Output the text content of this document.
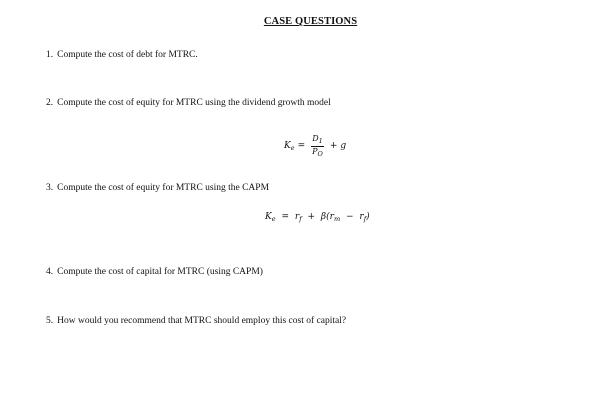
CASE QUESTIONS
1. Compute the cost of debt for MTRC.
2. Compute the cost of equity for MTRC using the dividend growth model
$K_e = \frac{D_1}{P_O} + g$
3. Compute the cost of equity for MTRC using the CAPM
$K_e = r_f + \beta(r_m - r_f)$
4. Compute the cost of capital for MTRC (using CAPM)
5. How would you recommend that MTRC should employ this cost of capital?
